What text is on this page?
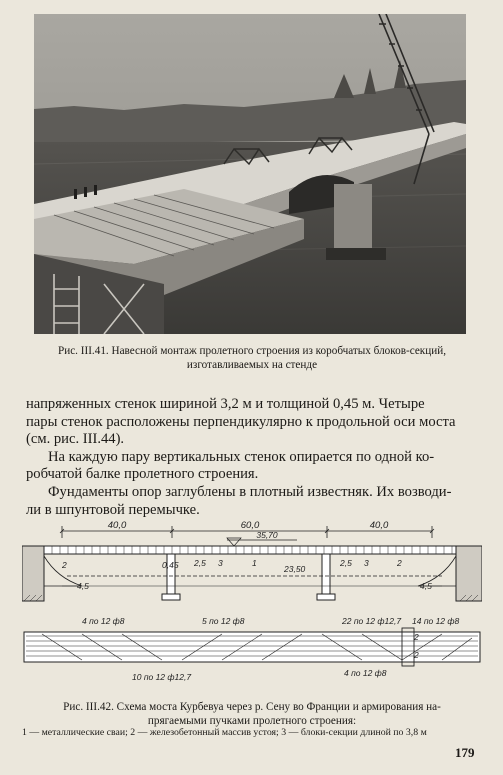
Рис. III.41. Навесной монтаж пролетного строения из коробчатых блоков-секций,
изготавливаемых на стенде

напряженных стенок шириной 3,2 м и толщиной 0,45 м. Четыре

пары стенок расположены перпендикулярно к продольной оси моста

(см. рис. III.44).

На каждую пару вертикальных стенок опирается по одной ко-

робчатой балке пролетного строения.

Фундаменты опор заглублены в плотный известняк. Их возводи-

ли в шпунтовой перемычке.

40,0	60,0	40,0
35,70
0,45 2,5 3	1
23,50
2,5 3	2
2
4,5	4,5
4 по 12 ф8	5 по 12 ф8	22 по 12 ф12,7 14 по 12 ф8
2
2
10 по 12 ф12,7	4 по 12 ф8
Рис. III.42. Схема моста Курбевуа через р. Сену во Франции и армирования на-
прягаемыми пучками пролетного строения:
1 — металлические сваи; 2 — железобетонный массив устоя; 3 — блоки-секции длиной по 3,8 м
179
